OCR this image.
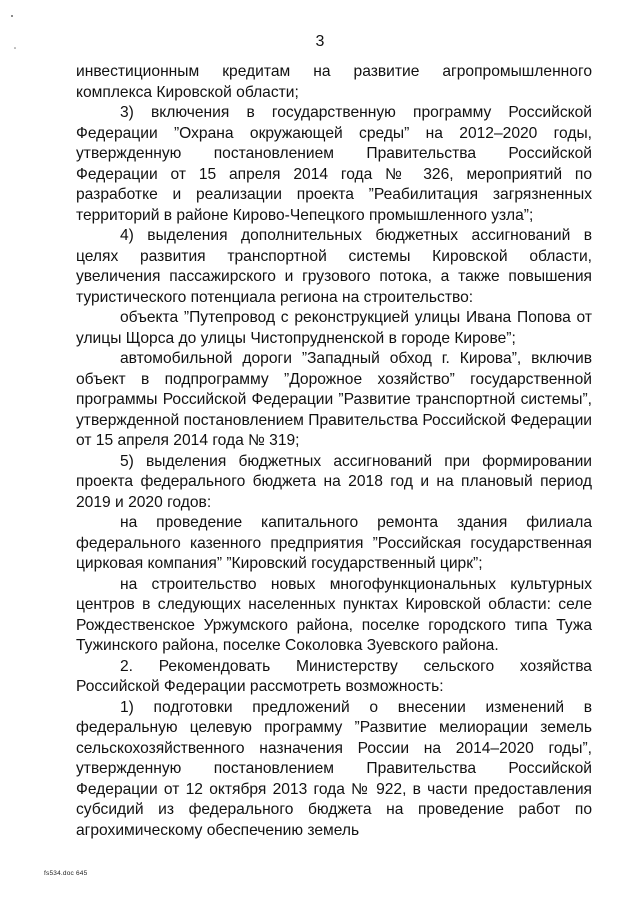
3

инвестиционным кредитам на развитие агропромышленного комплекса Кировской области;

3) включения в государственную программу Российской Федерации ”Охрана окружающей среды” на 2012–2020 годы, утвержденную постановлением Правительства Российской Федерации от 15 апреля 2014 года № 326, мероприятий по разработке и реализации проекта ”Реабилитация загрязненных территорий в районе Кирово-Чепецкого промышленного узла”;

4) выделения дополнительных бюджетных ассигнований в целях развития транспортной системы Кировской области, увеличения пассажирского и грузового потока, а также повышения туристического потенциала региона на строительство:

объекта ”Путепровод с реконструкцией улицы Ивана Попова от улицы Щорса до улицы Чистопрудненской в городе Кирове”;

автомобильной дороги ”Западный обход г. Кирова”, включив объект в подпрограмму ”Дорожное хозяйство” государственной программы Российской Федерации ”Развитие транспортной системы”, утвержденной постановлением Правительства Российской Федерации от 15 апреля 2014 года № 319;

5) выделения бюджетных ассигнований при формировании проекта федерального бюджета на 2018 год и на плановый период 2019 и 2020 годов:

на проведение капитального ремонта здания филиала федерального казенного предприятия ”Российская государственная цирковая компания” ”Кировский государственный цирк”;

на строительство новых многофункциональных культурных центров в следующих населенных пунктах Кировской области: селе Рождественское Уржумского района, поселке городского типа Тужа Тужинского района, поселке Соколовка Зуевского района.

2. Рекомендовать Министерству сельского хозяйства Российской Федерации рассмотреть возможность:

1) подготовки предложений о внесении изменений в федеральную целевую программу ”Развитие мелиорации земель сельскохозяйственного назначения России на 2014–2020 годы”, утвержденную постановлением Правительства Российской Федерации от 12 октября 2013 года № 922, в части предоставления субсидий из федерального бюджета на проведение работ по агрохимическому обеспечению земель

fs534.doc 645
